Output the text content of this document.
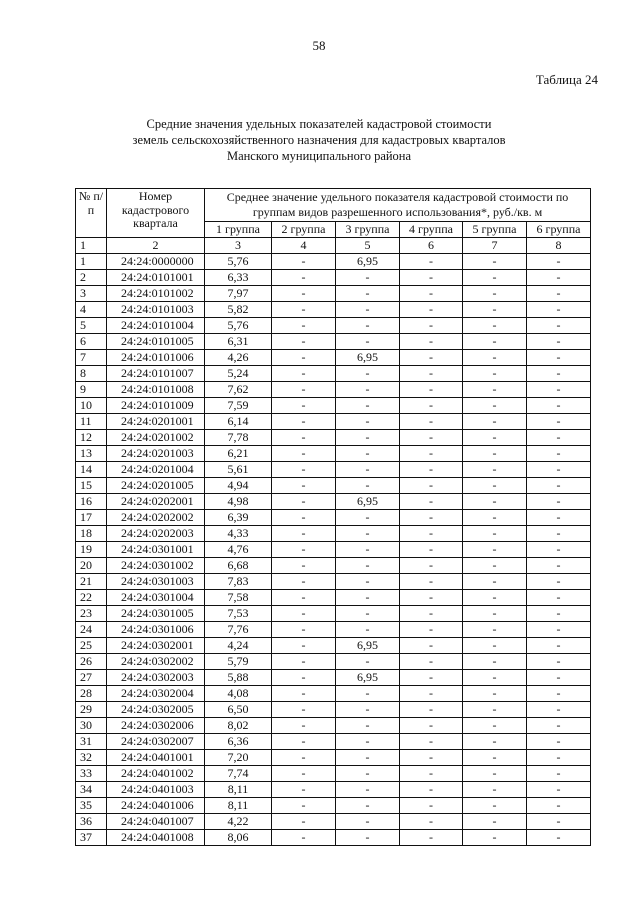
58
Таблица 24
Средние значения удельных показателей кадастровой стоимости
земель сельскохозяйственного назначения для кадастровых кварталов
Манского муниципального района
№ п/п	Номер кадастрового квартала	Среднее значение удельного показателя кадастровой стоимости по группам видов разрешенного использования*, руб./кв. м					
		1 группа	2 группа	3 группа	4 группа	5 группа	6 группа
1	2	3	4	5	6	7	8
1	24:24:0000000	5,76	-	6,95	-	-	-
2	24:24:0101001	6,33	-	-	-	-	-
3	24:24:0101002	7,97	-	-	-	-	-
4	24:24:0101003	5,82	-	-	-	-	-
5	24:24:0101004	5,76	-	-	-	-	-
6	24:24:0101005	6,31	-	-	-	-	-
7	24:24:0101006	4,26	-	6,95	-	-	-
8	24:24:0101007	5,24	-	-	-	-	-
9	24:24:0101008	7,62	-	-	-	-	-
10	24:24:0101009	7,59	-	-	-	-	-
11	24:24:0201001	6,14	-	-	-	-	-
12	24:24:0201002	7,78	-	-	-	-	-
13	24:24:0201003	6,21	-	-	-	-	-
14	24:24:0201004	5,61	-	-	-	-	-
15	24:24:0201005	4,94	-	-	-	-	-
16	24:24:0202001	4,98	-	6,95	-	-	-
17	24:24:0202002	6,39	-	-	-	-	-
18	24:24:0202003	4,33	-	-	-	-	-
19	24:24:0301001	4,76	-	-	-	-	-
20	24:24:0301002	6,68	-	-	-	-	-
21	24:24:0301003	7,83	-	-	-	-	-
22	24:24:0301004	7,58	-	-	-	-	-
23	24:24:0301005	7,53	-	-	-	-	-
24	24:24:0301006	7,76	-	-	-	-	-
25	24:24:0302001	4,24	-	6,95	-	-	-
26	24:24:0302002	5,79	-	-	-	-	-
27	24:24:0302003	5,88	-	6,95	-	-	-
28	24:24:0302004	4,08	-	-	-	-	-
29	24:24:0302005	6,50	-	-	-	-	-
30	24:24:0302006	8,02	-	-	-	-	-
31	24:24:0302007	6,36	-	-	-	-	-
32	24:24:0401001	7,20	-	-	-	-	-
33	24:24:0401002	7,74	-	-	-	-	-
34	24:24:0401003	8,11	-	-	-	-	-
35	24:24:0401006	8,11	-	-	-	-	-
36	24:24:0401007	4,22	-	-	-	-	-
37	24:24:0401008	8,06	-	-	-	-	-
